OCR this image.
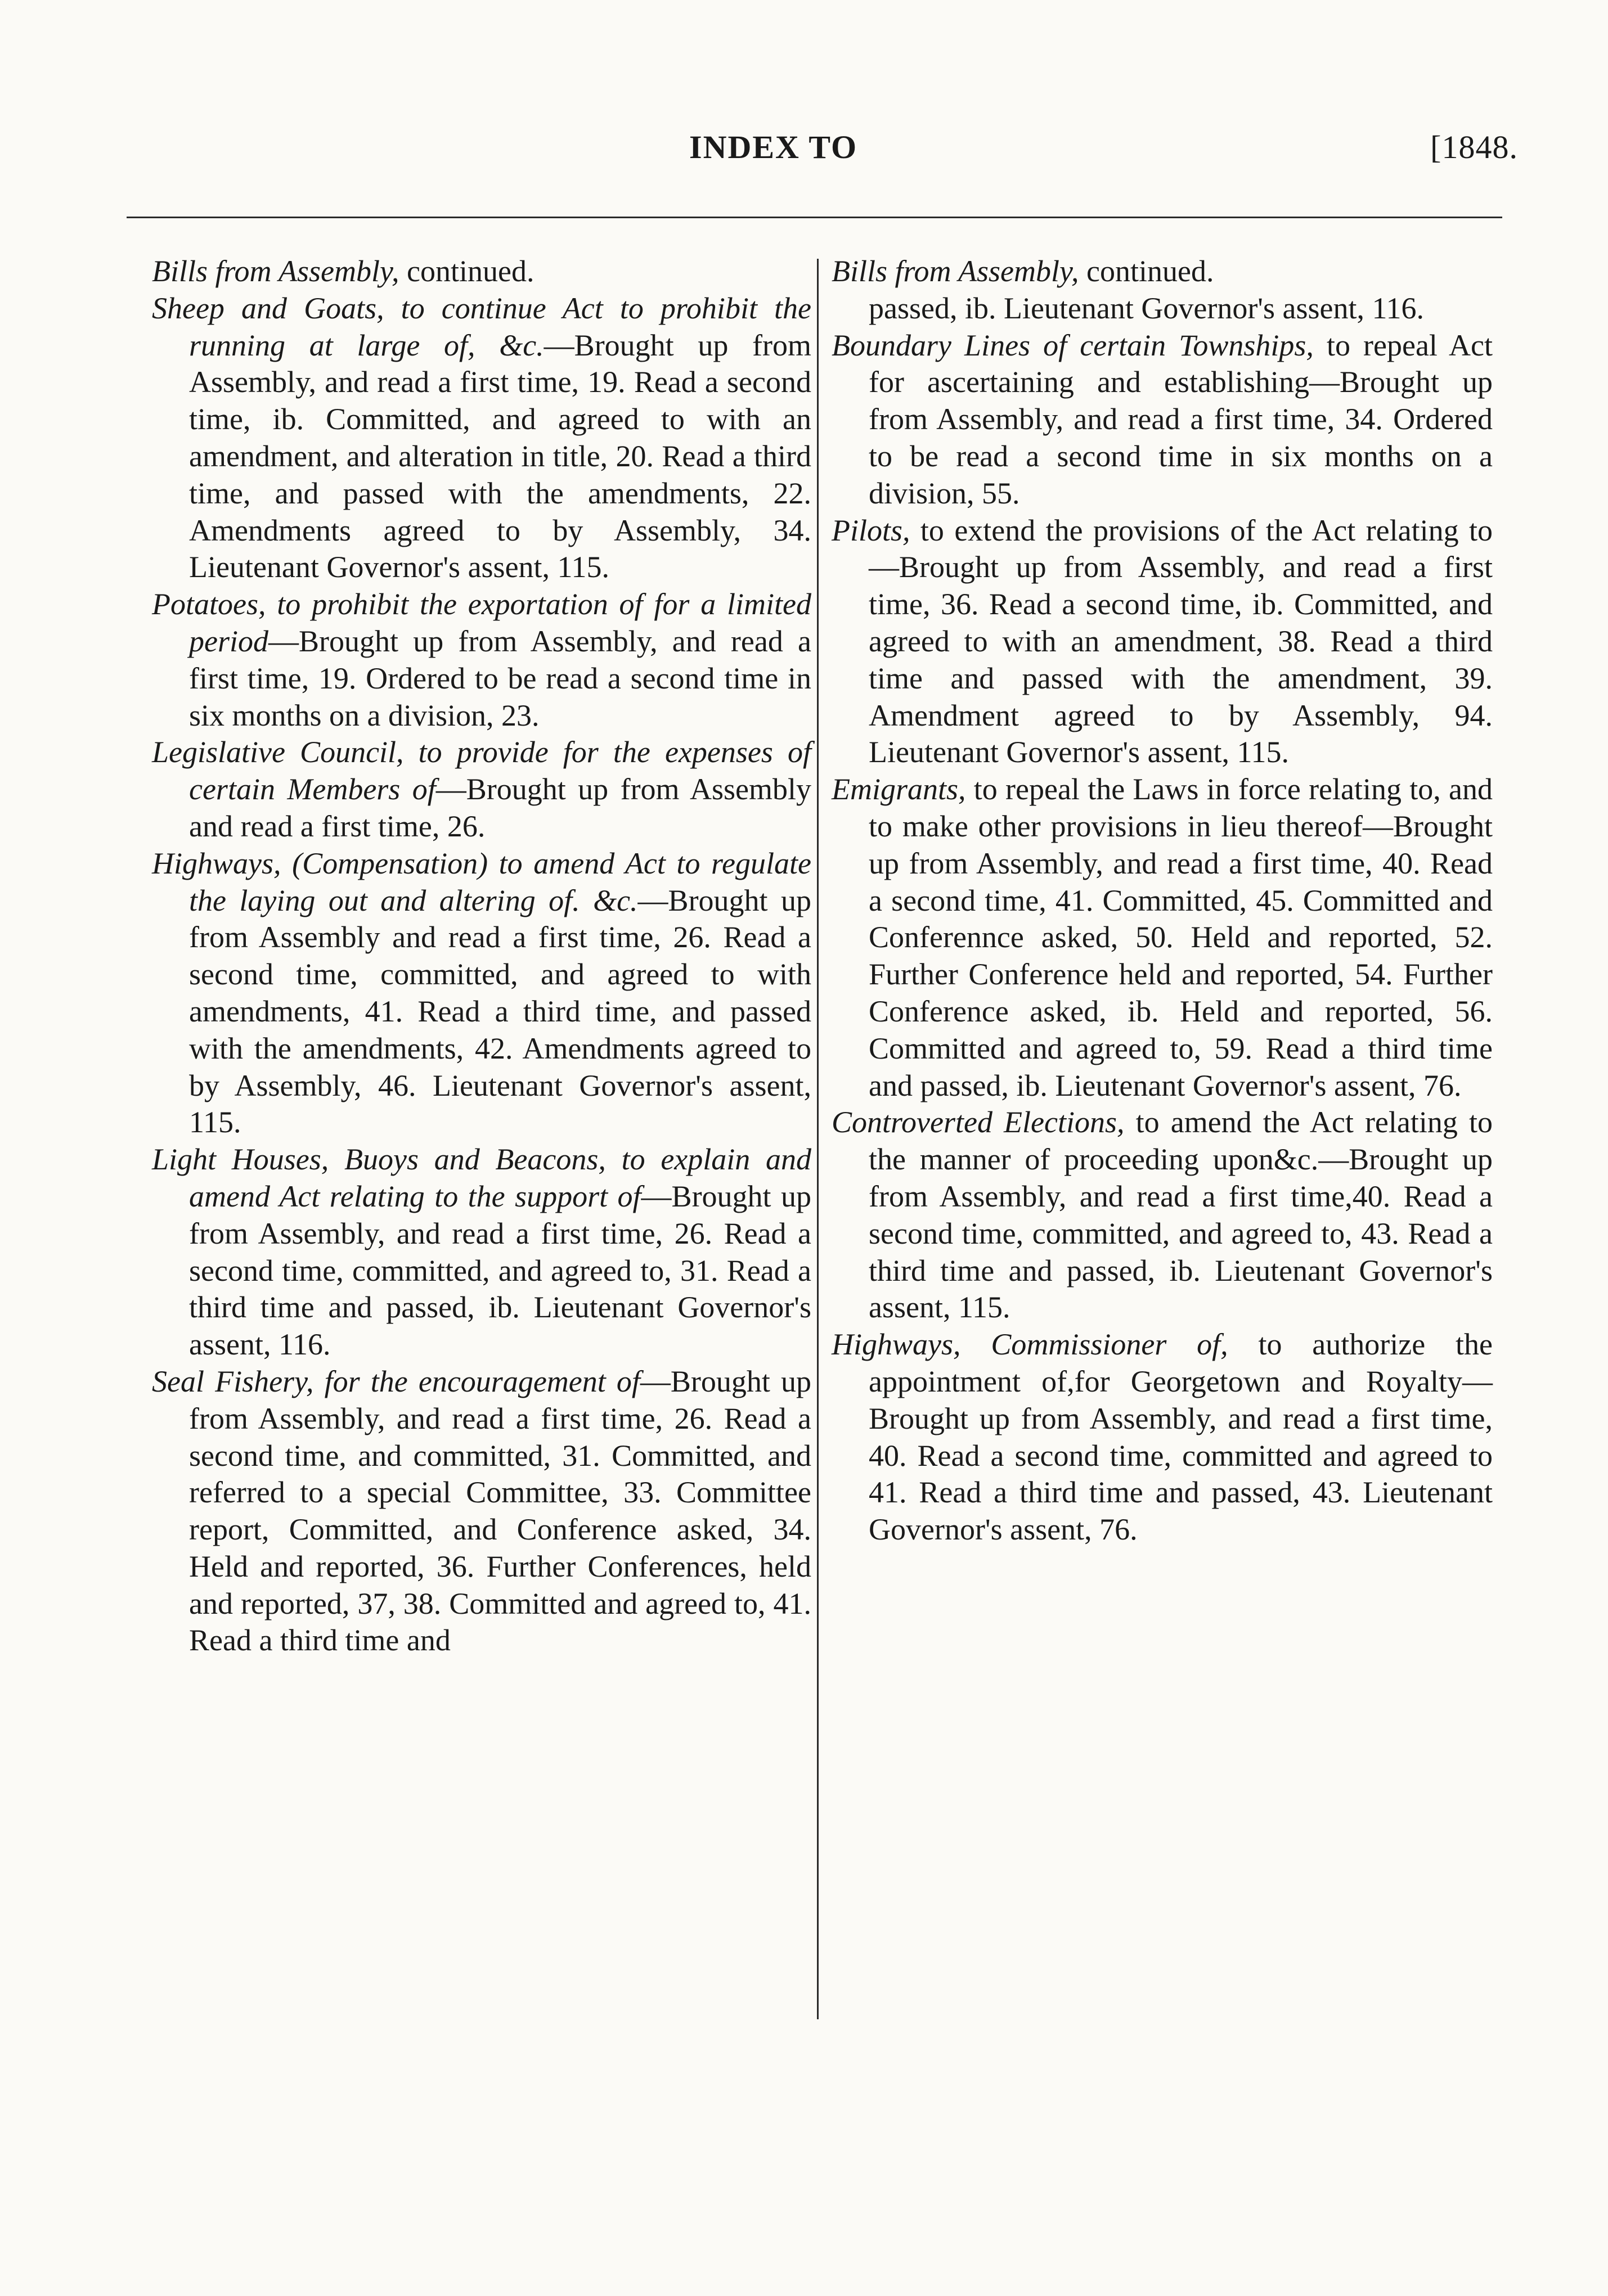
INDEX TO	[1848.

Bills from Assembly, continued.

Sheep and Goats, to continue Act to prohibit the running at large of, &c.—Brought up from Assembly, and read a first time, 19. Read a second time, ib. Committed, and agreed to with an amendment, and alteration in title, 20. Read a third time, and passed with the amendments, 22. Amendments agreed to by Assembly, 34. Lieutenant Governor's assent, 115.

Potatoes, to prohibit the exportation of for a limited period—Brought up from Assembly, and read a first time, 19. Ordered to be read a second time in six months on a division, 23.

Legislative Council, to provide for the expenses of certain Members of—Brought up from Assembly and read a first time, 26.

Highways, (Compensation) to amend Act to regulate the laying out and altering of. &c.—Brought up from Assembly and read a first time, 26. Read a second time, committed, and agreed to with amendments, 41. Read a third time, and passed with the amendments, 42. Amendments agreed to by Assembly, 46. Lieutenant Governor's assent, 115.

Light Houses, Buoys and Beacons, to explain and amend Act relating to the support of—Brought up from Assembly, and read a first time, 26. Read a second time, committed, and agreed to, 31. Read a third time and passed, ib. Lieutenant Governor's assent, 116.

Seal Fishery, for the encouragement of—Brought up from Assembly, and read a first time, 26. Read a second time, and committed, 31. Committed, and referred to a special Committee, 33. Committee report, Committed, and Conference asked, 34. Held and reported, 36. Further Conferences, held and reported, 37, 38. Committed and agreed to, 41. Read a third time and

Bills from Assembly, continued.

passed, ib. Lieutenant Governor's assent, 116.

Boundary Lines of certain Townships, to repeal Act for ascertaining and establishing—Brought up from Assembly, and read a first time, 34. Ordered to be read a second time in six months on a division, 55.

Pilots, to extend the provisions of the Act relating to—Brought up from Assembly, and read a first time, 36. Read a second time, ib. Committed, and agreed to with an amendment, 38. Read a third time and passed with the amendment, 39. Amendment agreed to by Assembly, 94. Lieutenant Governor's assent, 115.

Emigrants, to repeal the Laws in force relating to, and to make other provisions in lieu thereof—Brought up from Assembly, and read a first time, 40. Read a second time, 41. Committed, 45. Committed and Conferennce asked, 50. Held and reported, 52. Further Conference held and reported, 54. Further Conference asked, ib. Held and reported, 56. Committed and agreed to, 59. Read a third time and passed, ib. Lieutenant Governor's assent, 76.

Controverted Elections, to amend the Act relating to the manner of proceeding upon&c.—Brought up from Assembly, and read a first time,40. Read a second time, committed, and agreed to, 43. Read a third time and passed, ib. Lieutenant Governor's assent, 115.

Highways, Commissioner of, to authorize the appointment of,for Georgetown and Royalty—Brought up from Assembly, and read a first time, 40. Read a second time, committed and agreed to 41. Read a third time and passed, 43. Lieutenant Governor's assent, 76.
